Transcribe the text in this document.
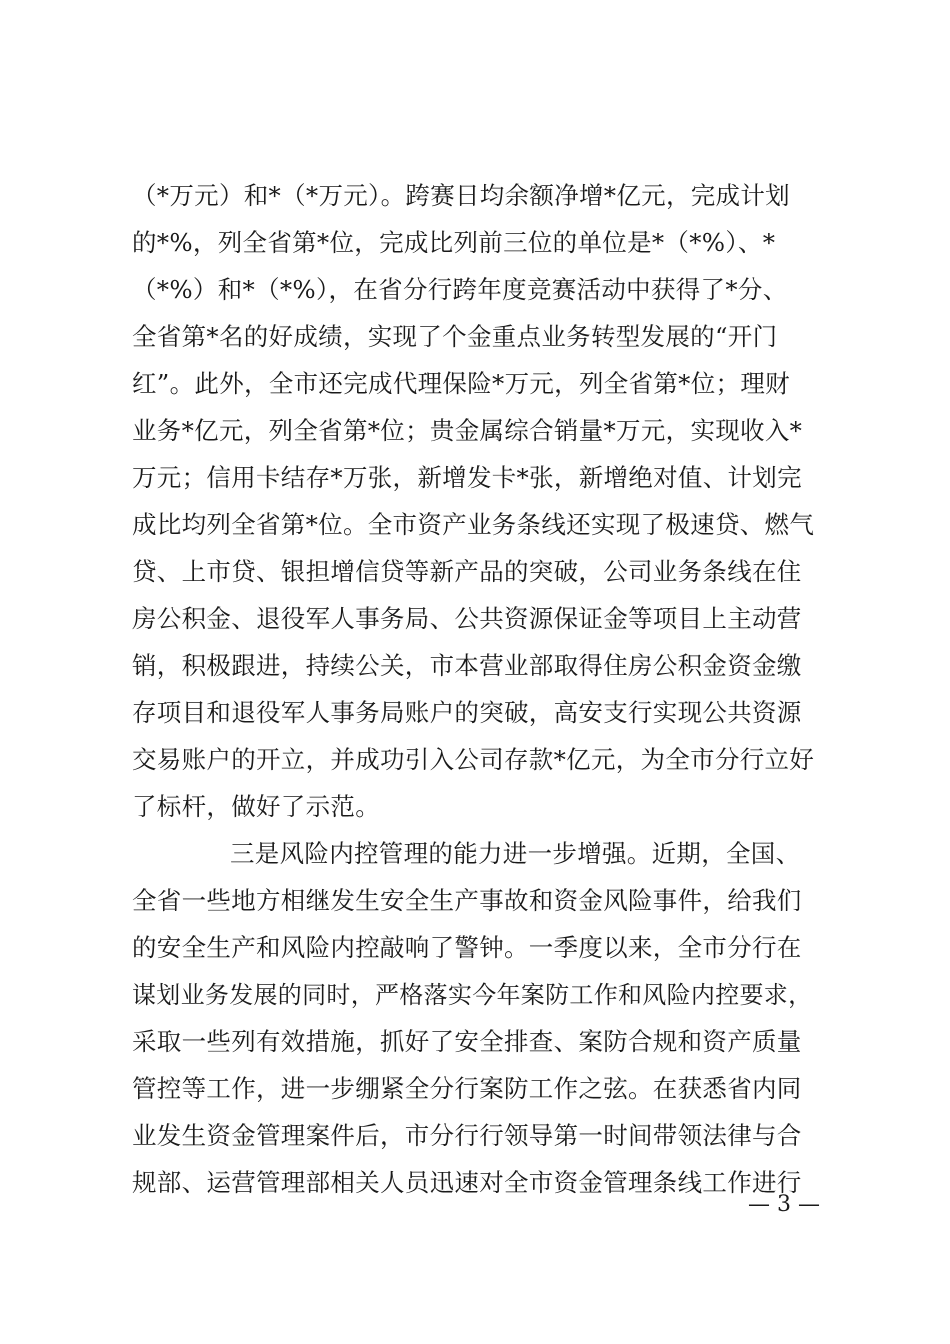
（*万元）和*（*万元）。跨赛日均余额净增*亿元，完成计划
的*%，列全省第*位，完成比列前三位的单位是*（*%）、*
（*%）和*（*%），在省分行跨年度竞赛活动中获得了*分、
全省第*名的好成绩，实现了个金重点业务转型发展的“开门
红”。此外，全市还完成代理保险*万元，列全省第*位；理财
业务*亿元，列全省第*位；贵金属综合销量*万元，实现收入*
万元；信用卡结存*万张，新增发卡*张，新增绝对值、计划完
成比均列全省第*位。全市资产业务条线还实现了极速贷、燃气
贷、上市贷、银担增信贷等新产品的突破，公司业务条线在住
房公积金、退役军人事务局、公共资源保证金等项目上主动营
销，积极跟进，持续公关，市本营业部取得住房公积金资金缴
存项目和退役军人事务局账户的突破，高安支行实现公共资源
交易账户的开立，并成功引入公司存款*亿元，为全市分行立好
了标杆，做好了示范。
三是风险内控管理的能力进一步增强。近期，全国、
全省一些地方相继发生安全生产事故和资金风险事件，给我们
的安全生产和风险内控敲响了警钟。一季度以来，全市分行在
谋划业务发展的同时，严格落实今年案防工作和风险内控要求，
采取一些列有效措施，抓好了安全排查、案防合规和资产质量
管控等工作，进一步绷紧全分行案防工作之弦。在获悉省内同
业发生资金管理案件后，市分行行领导第一时间带领法律与合
规部、运营管理部相关人员迅速对全市资金管理条线工作进行
— 3 —
